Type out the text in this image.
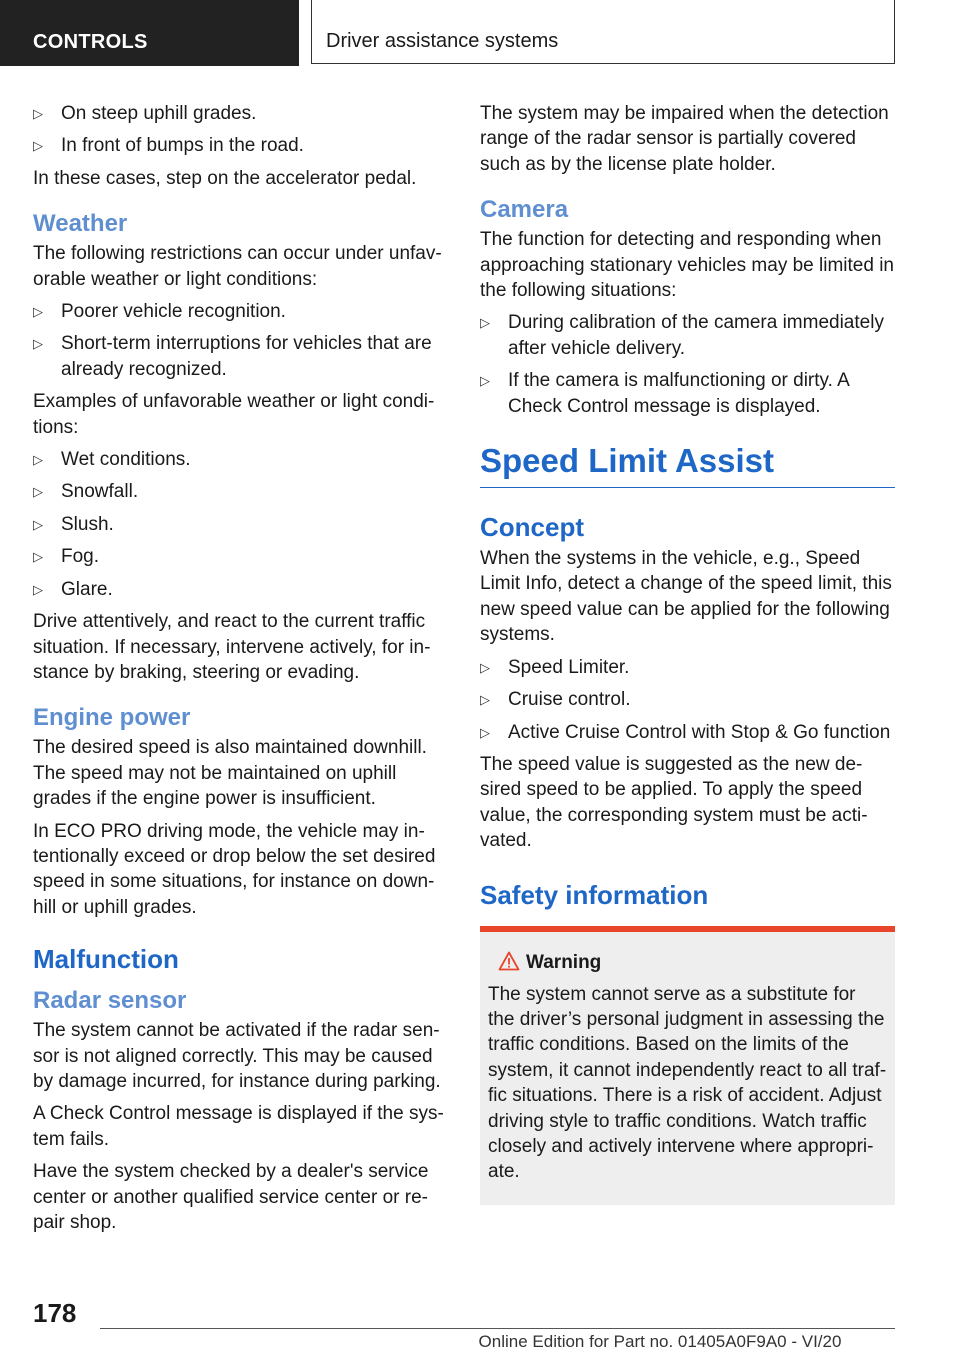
CONTROLS	Driver assistance systems
▷ On steep uphill grades.
▷ In front of bumps in the road.

In these cases, step on the accelerator pedal.

Weather

The following restrictions can occur under unfavorable weather or light conditions:

▷ Poorer vehicle recognition.
▷ Short-term interruptions for vehicles that are already recognized.

Examples of unfavorable weather or light conditions:

▷ Wet conditions.
▷ Snowfall.
▷ Slush.
▷ Fog.
▷ Glare.

Drive attentively, and react to the current traffic situation. If necessary, intervene actively, for instance by braking, steering or evading.

Engine power

The desired speed is also maintained downhill. The speed may not be maintained on uphill grades if the engine power is insufficient.

In ECO PRO driving mode, the vehicle may intentionally exceed or drop below the set desired speed in some situations, for instance on downhill or uphill grades.

Malfunction
Radar sensor

The system cannot be activated if the radar sensor is not aligned correctly. This may be caused by damage incurred, for instance during parking.

A Check Control message is displayed if the system fails.

Have the system checked by a dealer's service center or another qualified service center or repair shop.

The system may be impaired when the detection range of the radar sensor is partially covered such as by the license plate holder.

Camera

The function for detecting and responding when approaching stationary vehicles may be limited in the following situations:

▷ During calibration of the camera immediately after vehicle delivery.
▷ If the camera is malfunctioning or dirty. A Check Control message is displayed.
Speed Limit Assist
Concept

When the systems in the vehicle, e.g., Speed Limit Info, detect a change of the speed limit, this new speed value can be applied for the following systems.

▷ Speed Limiter.
▷ Cruise control.
▷ Active Cruise Control with Stop & Go function

The speed value is suggested as the new desired speed to be applied. To apply the speed value, the corresponding system must be activated.

Safety information
Warning

The system cannot serve as a substitute for the driver’s personal judgment in assessing the traffic conditions. Based on the limits of the system, it cannot independently react to all traffic situations. There is a risk of accident. Adjust driving style to traffic conditions. Watch traffic closely and actively intervene where appropriate.

178
Online Edition for Part no. 01405A0F9A0 - VI/20
